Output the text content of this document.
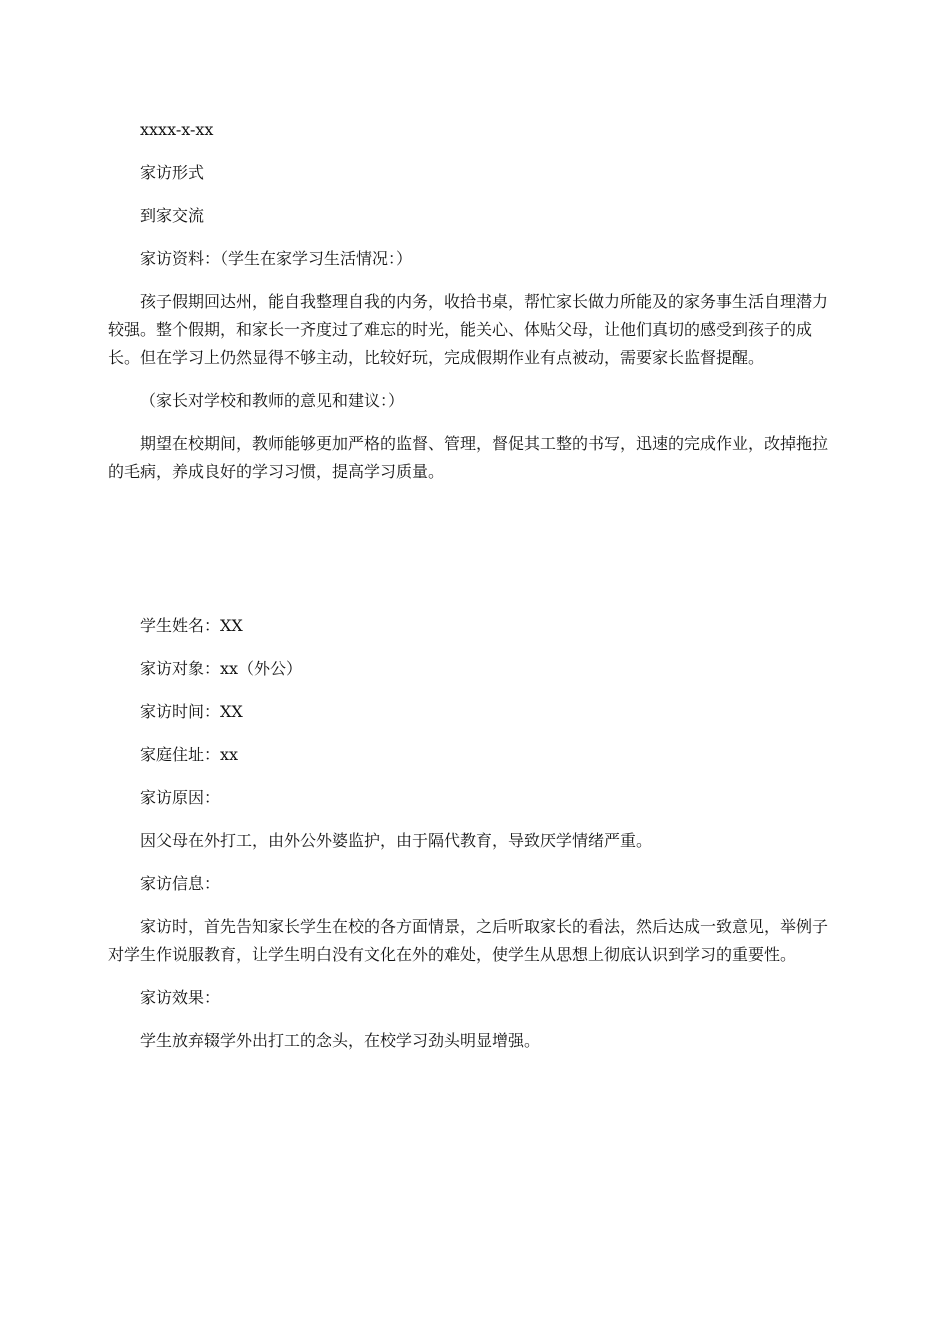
xxxx-x-xx

家访形式

到家交流

家访资料：（学生在家学习生活情况：）

孩子假期回达州，能自我整理自我的内务，收拾书桌，帮忙家长做力所能及的家务事生活自理潜力较强。整个假期，和家长一齐度过了难忘的时光，能关心、体贴父母，让他们真切的感受到孩子的成长。但在学习上仍然显得不够主动，比较好玩，完成假期作业有点被动，需要家长监督提醒。

（家长对学校和教师的意见和建议：）

期望在校期间，教师能够更加严格的监督、管理，督促其工整的书写，迅速的完成作业，改掉拖拉的毛病，养成良好的学习习惯，提高学习质量。

学生姓名：XX

家访对象：xx（外公）

家访时间：XX

家庭住址：xx

家访原因：

因父母在外打工，由外公外婆监护，由于隔代教育，导致厌学情绪严重。

家访信息：

家访时，首先告知家长学生在校的各方面情景，之后听取家长的看法，然后达成一致意见，举例子对学生作说服教育，让学生明白没有文化在外的难处，使学生从思想上彻底认识到学习的重要性。

家访效果：

学生放弃辍学外出打工的念头，在校学习劲头明显增强。
